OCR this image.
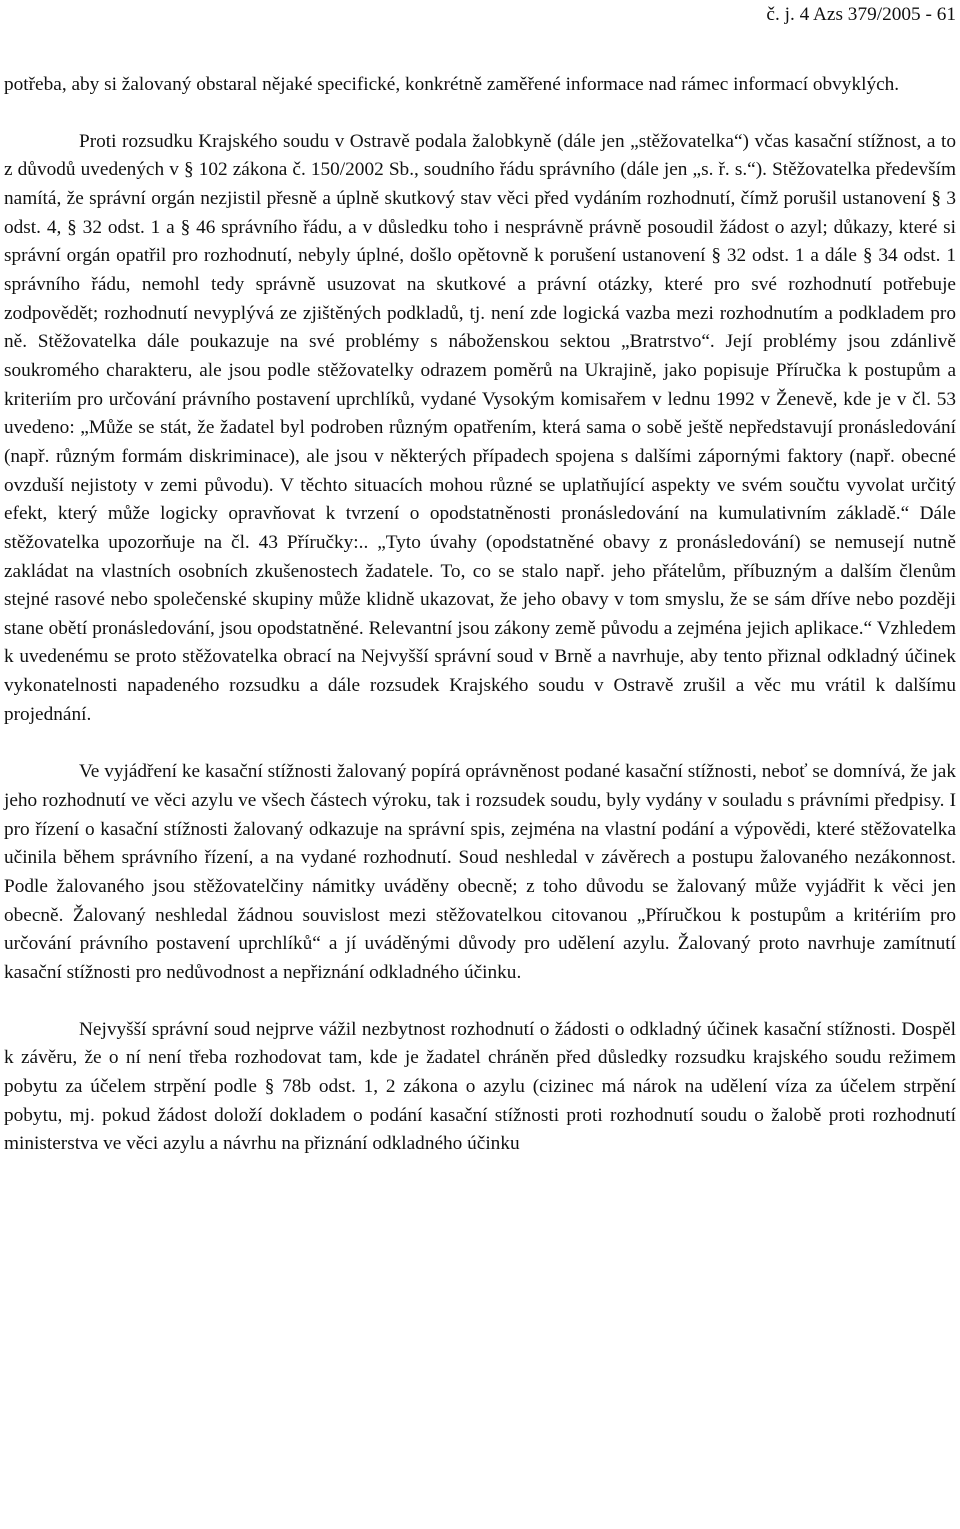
č. j. 4 Azs 379/2005 - 61

potřeba, aby si žalovaný obstaral nějaké specifické, konkrétně zaměřené informace nad rámec informací obvyklých.

Proti rozsudku Krajského soudu v Ostravě podala žalobkyně (dále jen „stěžovatelka“) včas kasační stížnost, a to z důvodů uvedených v § 102 zákona č. 150/2002 Sb., soudního řádu správního (dále jen „s. ř. s.“). Stěžovatelka především namítá, že správní orgán nezjistil přesně a úplně skutkový stav věci před vydáním rozhodnutí, čímž porušil ustanovení § 3 odst. 4, § 32 odst. 1 a § 46 správního řádu, a v důsledku toho i nesprávně právně posoudil žádost o azyl; důkazy, které si správní orgán opatřil pro rozhodnutí, nebyly úplné, došlo opětovně k porušení ustanovení § 32 odst. 1 a dále § 34 odst. 1 správního řádu, nemohl tedy správně usuzovat na skutkové a právní otázky, které pro své rozhodnutí potřebuje zodpovědět; rozhodnutí nevyplývá ze zjištěných podkladů, tj. není zde logická vazba mezi rozhodnutím a podkladem pro ně. Stěžovatelka dále poukazuje na své problémy s náboženskou sektou „Bratrstvo“. Její problémy jsou zdánlivě soukromého charakteru, ale jsou podle stěžovatelky odrazem poměrů na Ukrajině, jako popisuje Příručka k postupům a kriteriím pro určování právního postavení uprchlíků, vydané Vysokým komisařem v lednu 1992 v Ženevě, kde je v čl. 53 uvedeno: „Může se stát, že žadatel byl podroben různým opatřením, která sama o sobě ještě nepředstavují pronásledování (např. různým formám diskriminace), ale jsou v některých případech spojena s dalšími zápornými faktory (např. obecné ovzduší nejistoty v zemi původu). V těchto situacích mohou různé se uplatňující aspekty ve svém součtu vyvolat určitý efekt, který může logicky opravňovat k tvrzení o opodstatněnosti pronásledování na kumulativním základě.“ Dále stěžovatelka upozorňuje na čl. 43 Příručky:.. „Tyto úvahy (opodstatněné obavy z pronásledování) se nemusejí nutně zakládat na vlastních osobních zkušenostech žadatele. To, co se stalo např. jeho přátelům, příbuzným a dalším členům stejné rasové nebo společenské skupiny může klidně ukazovat, že jeho obavy v tom smyslu, že se sám dříve nebo později stane obětí pronásledování, jsou opodstatněné. Relevantní jsou zákony země původu a zejména jejich aplikace.“ Vzhledem k uvedenému se proto stěžovatelka obrací na Nejvyšší správní soud v Brně a navrhuje, aby tento přiznal odkladný účinek vykonatelnosti napadeného rozsudku a dále rozsudek Krajského soudu v Ostravě zrušil a věc mu vrátil k dalšímu projednání.

Ve vyjádření ke kasační stížnosti žalovaný popírá oprávněnost podané kasační stížnosti, neboť se domnívá, že jak jeho rozhodnutí ve věci azylu ve všech částech výroku, tak i rozsudek soudu, byly vydány v souladu s právními předpisy. I pro řízení o kasační stížnosti žalovaný odkazuje na správní spis, zejména na vlastní podání a výpovědi, které stěžovatelka učinila během správního řízení, a na vydané rozhodnutí. Soud neshledal v závěrech a postupu žalovaného nezákonnost. Podle žalovaného jsou stěžovatelčiny námitky uváděny obecně; z toho důvodu se žalovaný může vyjádřit k věci jen obecně. Žalovaný neshledal žádnou souvislost mezi stěžovatelkou citovanou „Příručkou k postupům a kritériím pro určování právního postavení uprchlíků“ a jí uváděnými důvody pro udělení azylu. Žalovaný proto navrhuje zamítnutí kasační stížnosti pro nedůvodnost a nepřiznání odkladného účinku.

Nejvyšší správní soud nejprve vážil nezbytnost rozhodnutí o žádosti o odkladný účinek kasační stížnosti. Dospěl k závěru, že o ní není třeba rozhodovat tam, kde je žadatel chráněn před důsledky rozsudku krajského soudu režimem pobytu za účelem strpění podle § 78b odst. 1, 2 zákona o azylu (cizinec má nárok na udělení víza za účelem strpění pobytu, mj. pokud žádost doloží dokladem o podání kasační stížnosti proti rozhodnutí soudu o žalobě proti rozhodnutí ministerstva ve věci azylu a návrhu na přiznání odkladného účinku
